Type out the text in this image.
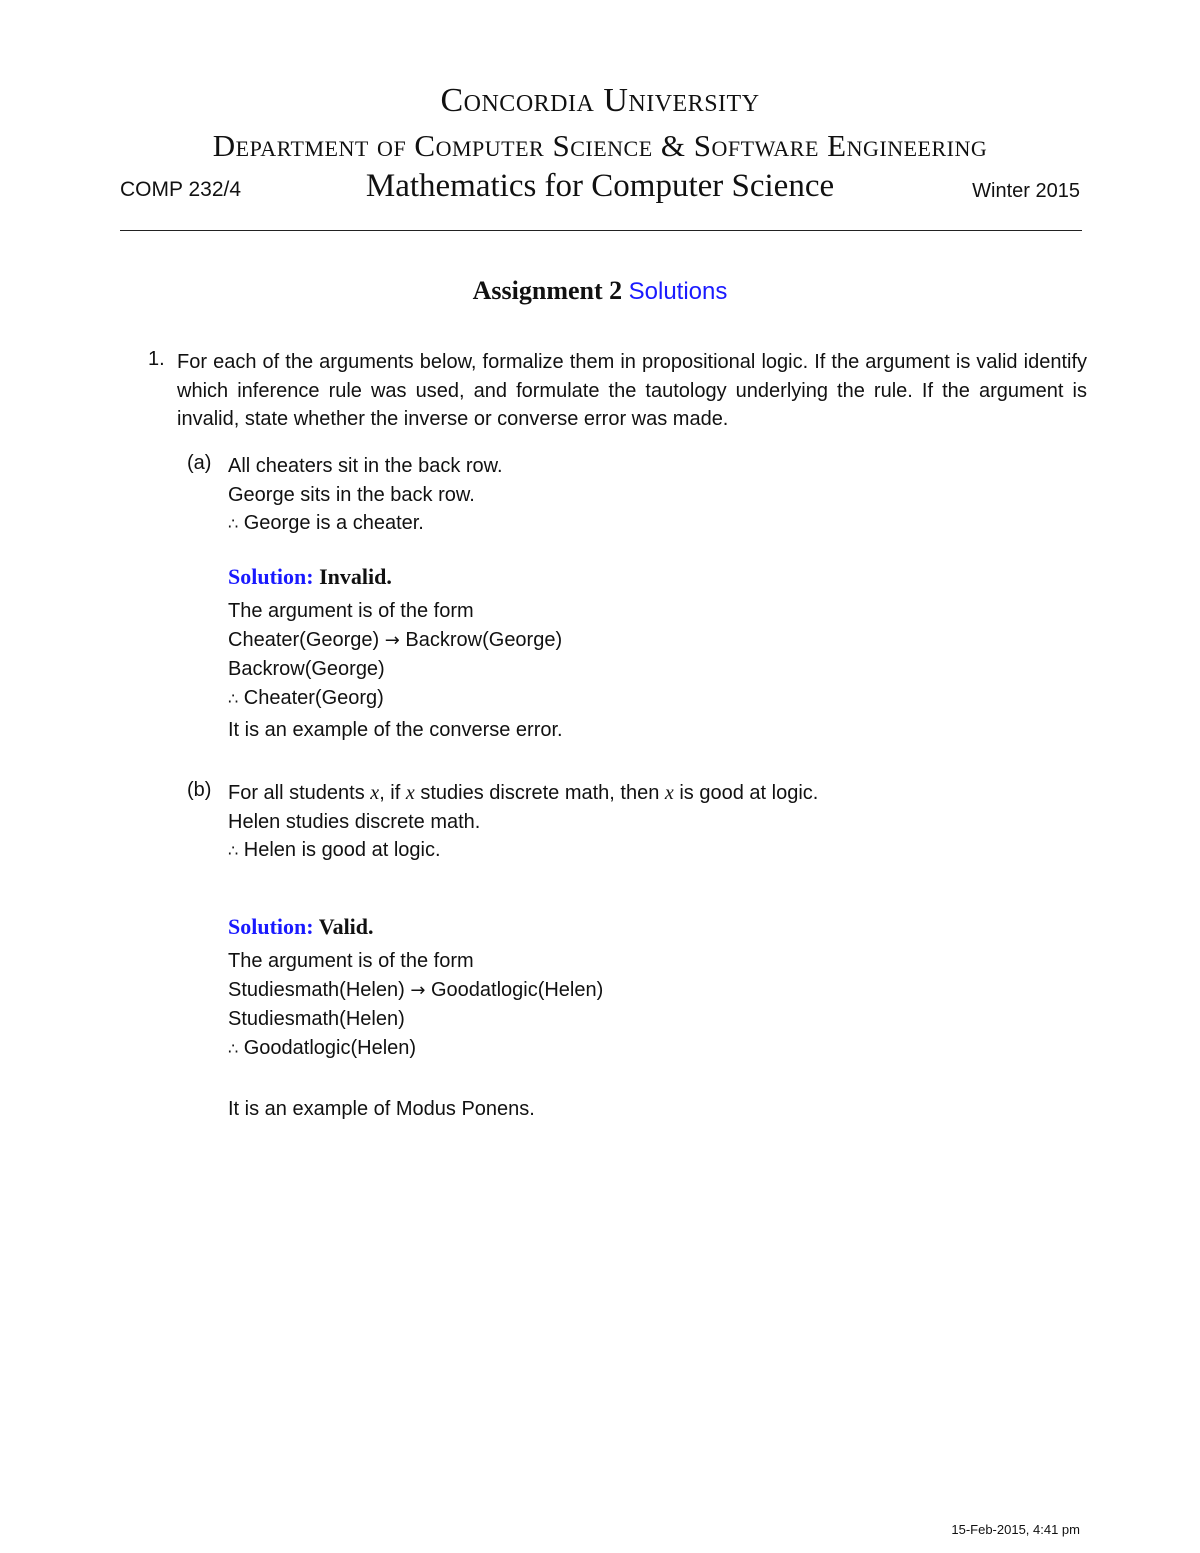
Concordia University
Department of Computer Science & Software Engineering
COMP 232/4	Mathematics for Computer Science	Winter 2015
Assignment 2 Solutions
1. For each of the arguments below, formalize them in propositional logic. If the argument is valid identify which inference rule was used, and formulate the tautology underlying the rule. If the argument is invalid, state whether the inverse or converse error was made.
(a) All cheaters sit in the back row.
George sits in the back row.
∴ George is a cheater.
Solution: Invalid.
The argument is of the form
Cheater(George) → Backrow(George)
Backrow(George)
∴ Cheater(Georg)
It is an example of the converse error.
(b) For all students x, if x studies discrete math, then x is good at logic.
Helen studies discrete math.
∴ Helen is good at logic.
Solution: Valid.
The argument is of the form
Studiesmath(Helen) → Goodatlogic(Helen)
Studiesmath(Helen)
∴ Goodatlogic(Helen)
It is an example of Modus Ponens.
15-Feb-2015, 4:41 pm
